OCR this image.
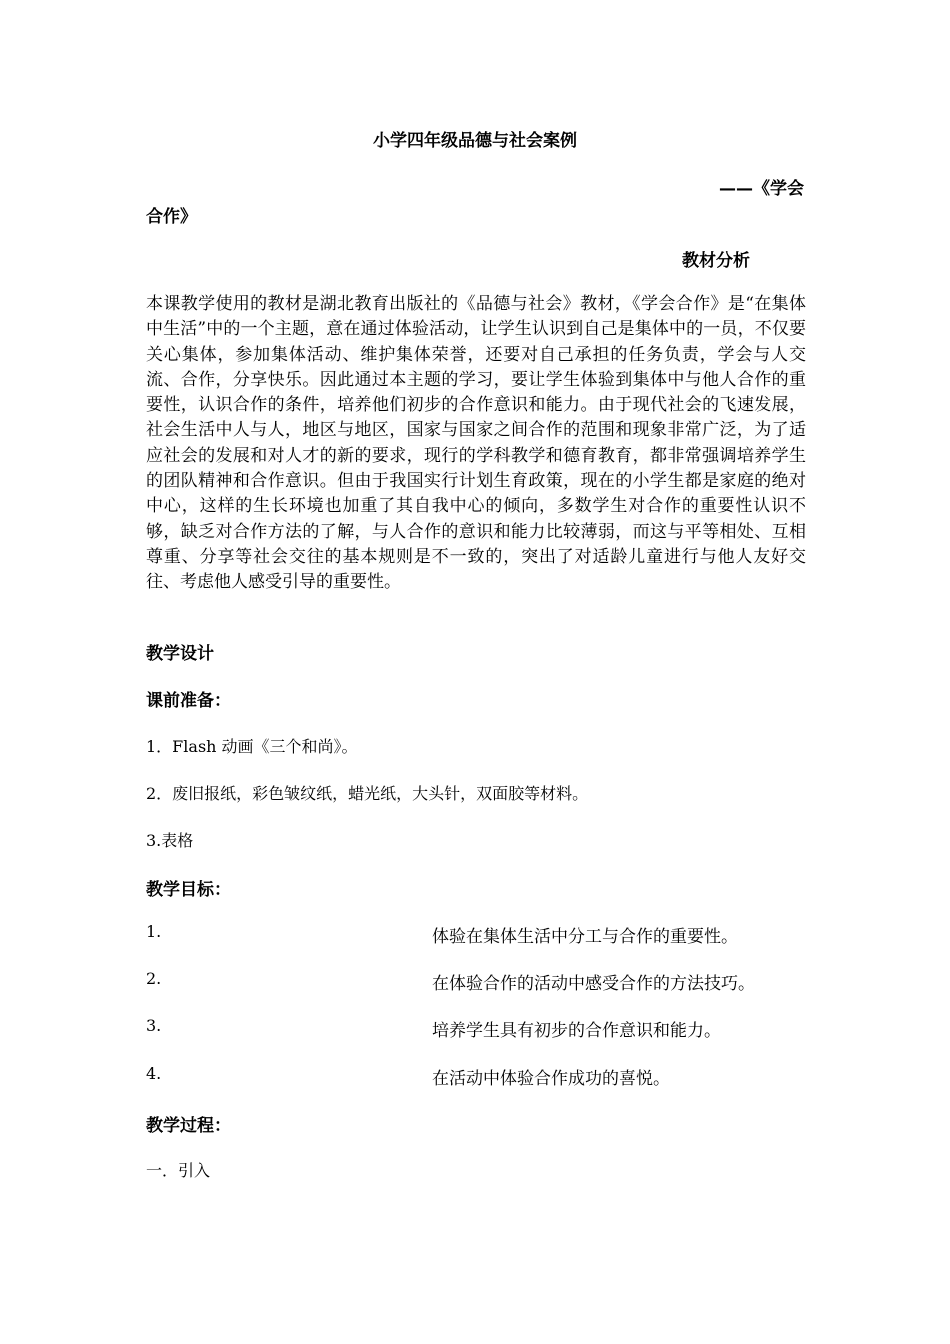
小学四年级品德与社会案例
——《学会
合作》
教材分析

本课教学使用的教材是湖北教育出版社的《品德与社会》教材，《学会合作》是“在集体中生活”中的一个主题，意在通过体验活动，让学生认识到自己是集体中的一员，不仅要关心集体，参加集体活动、维护集体荣誉，还要对自己承担的任务负责，学会与人交流、合作，分享快乐。因此通过本主题的学习，要让学生体验到集体中与他人合作的重要性，认识合作的条件，培养他们初步的合作意识和能力。由于现代社会的飞速发展，社会生活中人与人，地区与地区，国家与国家之间合作的范围和现象非常广泛，为了适应社会的发展和对人才的新的要求，现行的学科教学和德育教育，都非常强调培养学生的团队精神和合作意识。但由于我国实行计划生育政策，现在的小学生都是家庭的绝对中心，这样的生长环境也加重了其自我中心的倾向，多数学生对合作的重要性认识不够，缺乏对合作方法的了解，与人合作的意识和能力比较薄弱，而这与平等相处、互相尊重、分享等社会交往的基本规则是不一致的，突出了对适龄儿童进行与他人友好交往、考虑他人感受引导的重要性。

教学设计
课前准备：
1．Flash 动画《三个和尚》。
2．废旧报纸，彩色皱纹纸，蜡光纸，大头针，双面胶等材料。
3.表格
教学目标：
1.	体验在集体生活中分工与合作的重要性。
2.	在体验合作的活动中感受合作的方法技巧。
3.	培养学生具有初步的合作意识和能力。
4.	在活动中体验合作成功的喜悦。
教学过程：
一．引入
